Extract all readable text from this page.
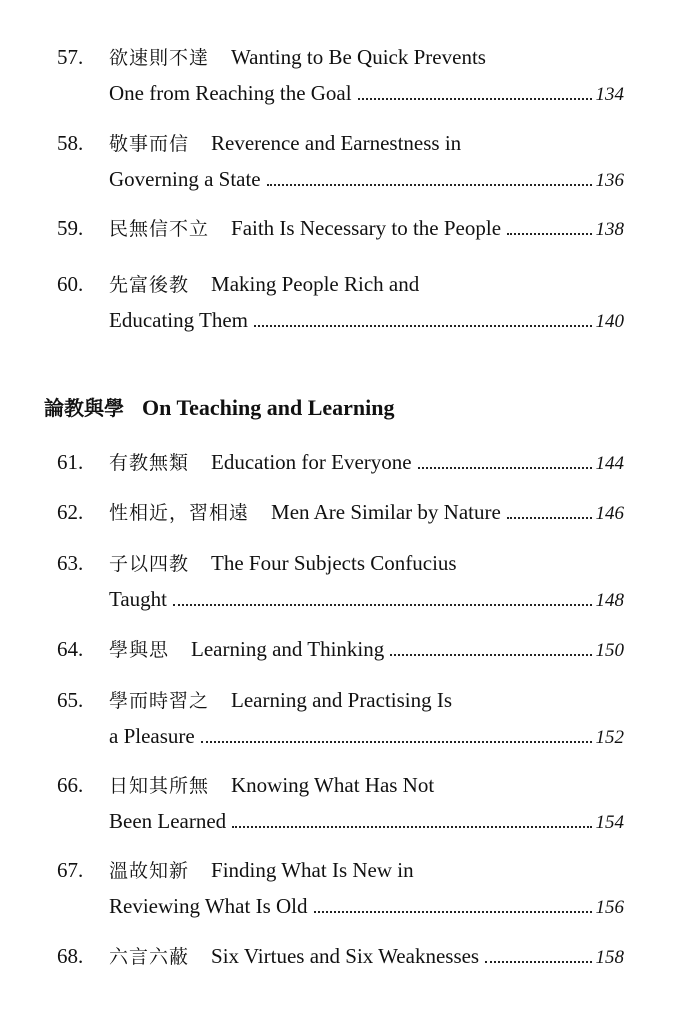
57. 欲速則不達 Wanting to Be Quick Prevents
One from Reaching the Goal	134
58. 敬事而信 Reverence and Earnestness in
Governing a State	136
59. 民無信不立 Faith Is Necessary to the People	138
60. 先富後教 Making People Rich and
Educating Them	140
論教與學 On Teaching and Learning
61. 有教無類 Education for Everyone	144
62. 性相近，習相遠 Men Are Similar by Nature	146
63. 子以四教 The Four Subjects Confucius
Taught	148
64. 學與思 Learning and Thinking	150
65. 學而時習之 Learning and Practising Is
a Pleasure	152
66. 日知其所無 Knowing What Has Not
Been Learned	154
67. 溫故知新 Finding What Is New in
Reviewing What Is Old	156
68. 六言六蔽 Six Virtues and Six Weaknesses	158
